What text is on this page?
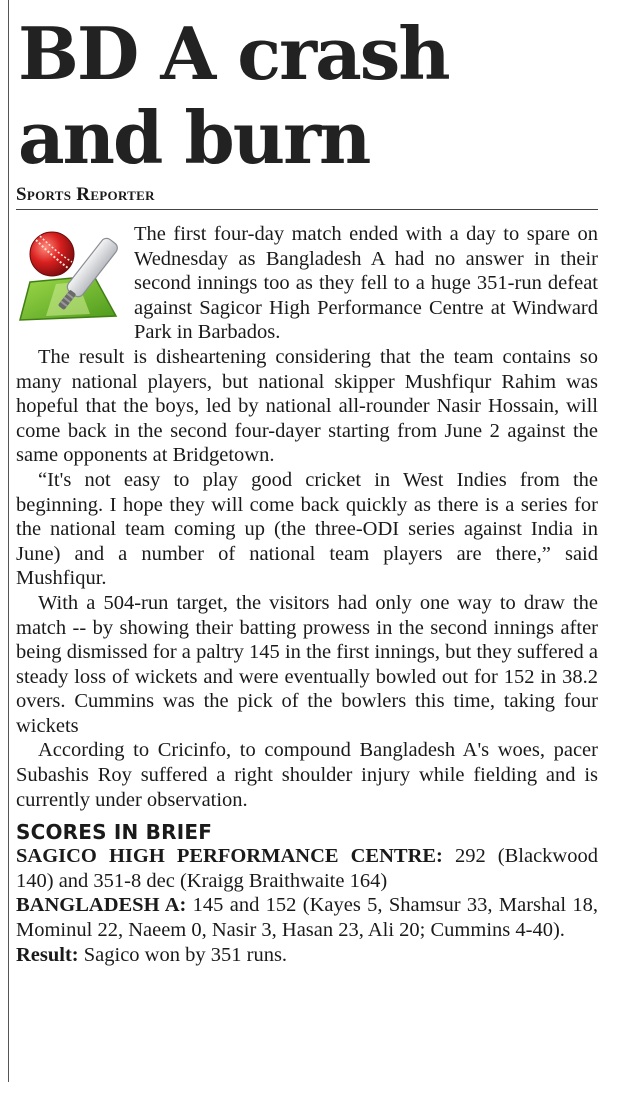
BD A crash and burn
Sports Reporter

The first four-day match ended with a day to spare on Wednesday as Bangladesh A had no answer in their second innings too as they fell to a huge 351-run defeat against Sagicor High Performance Centre at Windward Park in Barbados.

The result is disheartening considering that the team contains so many national players, but national skipper Mushfiqur Rahim was hopeful that the boys, led by national all-rounder Nasir Hossain, will come back in the second four-dayer starting from June 2 against the same opponents at Bridgetown.

“It's not easy to play good cricket in West Indies from the beginning. I hope they will come back quickly as there is a series for the national team coming up (the three-ODI series against India in June) and a number of national team players are there,” said Mushfiqur.

With a 504-run target, the visitors had only one way to draw the match -- by showing their batting prowess in the second innings after being dismissed for a paltry 145 in the first innings, but they suffered a steady loss of wickets and were eventually bowled out for 152 in 38.2 overs. Cummins was the pick of the bowlers this time, taking four wickets

According to Cricinfo, to compound Bangladesh A's woes, pacer Subashis Roy suffered a right shoulder injury while fielding and is currently under observation.

SCORES IN BRIEF

SAGICO HIGH PERFORMANCE CENTRE: 292 (Blackwood 140) and 351-8 dec (Kraigg Braithwaite 164)

BANGLADESH A: 145 and 152 (Kayes 5, Shamsur 33, Marshal 18, Mominul 22, Naeem 0, Nasir 3, Hasan 23, Ali 20; Cummins 4-40).

Result: Sagico won by 351 runs.
